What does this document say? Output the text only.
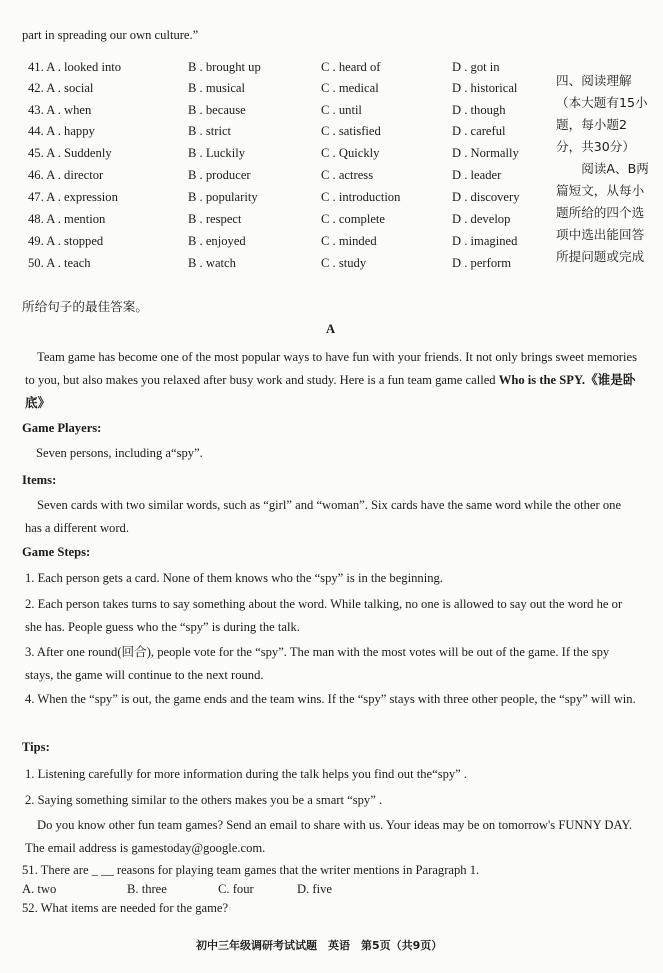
part in spreading our own culture.”
41. A . looked into	B . brought up	C . heard of	D . got in
42. A . social	B . musical	C . medical	D . historical
43. A . when	B . because	C . until	D . though
44. A . happy	B . strict	C . satisfied	D . careful
45. A . Suddenly	B . Luckily	C . Quickly	D . Normally
46. A . director	B . producer	C . actress	D . leader
47. A . expression	B . popularity	C . introduction	D . discovery
48. A . mention	B . respect	C . complete	D . develop
49. A . stopped	B . enjoyed	C . minded	D . imagined
50. A . teach	B . watch	C . study	D . perform
四、阅读理解（本大题有15小题，每小题2分，共30分）
阅读A、B两篇短文，从每小题所给的四个选项中选出能回答所提问题或完成
所给句子的最佳答案。
A
Team game has become one of the most popular ways to have fun with your friends. It not only brings sweet memories to you, but also makes you relaxed after busy work and study. Here is a fun team game called Who is the SPY.《谁是卧底》
Game Players:
Seven persons, including a“spy”.
Items:
Seven cards with two similar words, such as “girl” and “woman”. Six cards have the same word while the other one has a different word.
Game Steps:
1. Each person gets a card. None of them knows who the “spy” is in the beginning.
2. Each person takes turns to say something about the word. While talking, no one is allowed to say out the word he or she has. People guess who the “spy” is during the talk.
3. After one round(回合), people vote for the “spy”. The man with the most votes will be out of the game. If the spy stays, the game will continue to the next round.
4. When the “spy” is out, the game ends and the team wins. If the “spy” stays with three other people, the “spy” will win.
Tips:
1. Listening carefully for more information during the talk helps you find out the“spy” .
2. Saying something similar to the others makes you be a smart “spy” .
Do you know other fun team games? Send an email to share with us. Your ideas may be on tomorrow's FUNNY DAY. The email address is gamestoday@google.com.
51. There are _ __ reasons for playing team games that the writer mentions in Paragraph 1.
A. two	B. three	C. four	D. five
52. What items are needed for the game?
初中三年级调研考试试题　英语　第5页（共9页）
